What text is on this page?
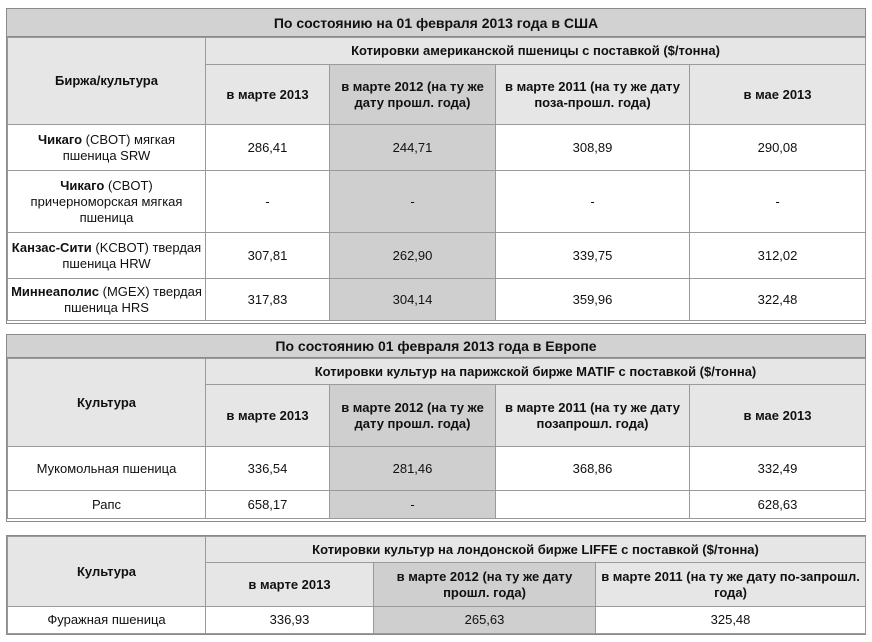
По состоянию на 01 февраля 2013 года в США
Биржа/культура	Котировки американской пшеницы с поставкой ($/тонна)			
	в марте 2013	в марте 2012 (на ту же дату прошл. года)	в марте 2011 (на ту же дату поза-прошл. года)	в мае 2013
Чикаго (CBOT) мягкая пшеница SRW	286,41	244,71	308,89	290,08
Чикаго (CBOT) причерноморская мягкая пшеница	-	-	-	-
Канзас-Сити (KCBOT) твердая пшеница HRW	307,81	262,90	339,75	312,02
Миннеаполис (MGEX) твердая пшеница HRS	317,83	304,14	359,96	322,48
По состоянию 01 февраля 2013 года в Европе
Культура	Котировки культур на парижской бирже MATIF с поставкой ($/тонна)			
	в марте 2013	в марте 2012 (на ту же дату прошл. года)	в марте 2011 (на ту же дату позапрошл. года)	в мае 2013
Мукомольная пшеница	336,54	281,46	368,86	332,49
Рапс	658,17	-		628,63
Культура	Котировки культур на лондонской бирже LIFFE с поставкой ($/тонна)		
	в марте 2013	в марте 2012 (на ту же дату прошл. года)	в марте 2011 (на ту же дату по-запрошл. года)
Фуражная пшеница	336,93	265,63	325,48
